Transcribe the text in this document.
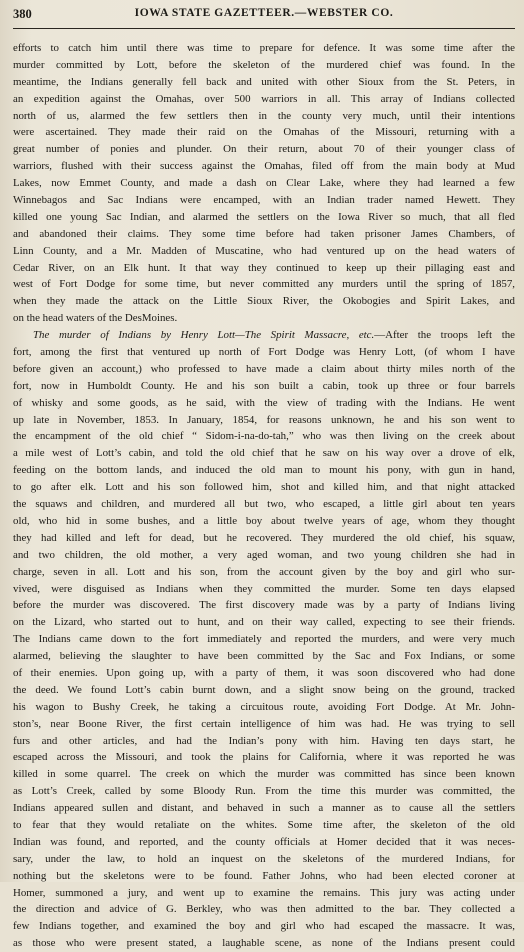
380	IOWA STATE GAZETTEER.—WEBSTER CO.
efforts to catch him until there was time to prepare for defence. It was some time after the
murder committed by Lott, before the skeleton of the murdered chief was found. In the
meantime, the Indians generally fell back and united with other Sioux from the St. Peters, in
an expedition against the Omahas, over 500 warriors in all. This array of Indians collected
north of us, alarmed the few settlers then in the county very much, until their intentions
were ascertained. They made their raid on the Omahas of the Missouri, returning with a
great number of ponies and plunder. On their return, about 70 of their younger class of
warriors, flushed with their success against the Omahas, filed off from the main body at Mud
Lakes, now Emmet County, and made a dash on Clear Lake, where they had learned a few
Winnebagos and Sac Indians were encamped, with an Indian trader named Hewett. They
killed one young Sac Indian, and alarmed the settlers on the Iowa River so much, that all fled
and abandoned their claims. They some time before had taken prisoner James Chambers, of
Linn County, and a Mr. Madden of Muscatine, who had ventured up on the head waters of
Cedar River, on an Elk hunt. It that way they continued to keep up their pillaging east and
west of Fort Dodge for some time, but never committed any murders until the spring of 1857,
when they made the attack on the Little Sioux River, the Okobogies and Spirit Lakes, and
on the head waters of the DesMoines.
The murder of Indians by Henry Lott—The Spirit Massacre, etc.—After the troops left the
fort, among the first that ventured up north of Fort Dodge was Henry Lott, (of whom I have
before given an account,) who professed to have made a claim about thirty miles north of the
fort, now in Humboldt County. He and his son built a cabin, took up three or four barrels
of whisky and some goods, as he said, with the view of trading with the Indians. He went
up late in November, 1853. In January, 1854, for reasons unknown, he and his son went to
the encampment of the old chief “ Sidom-i-na-do-tah,” who was then living on the creek about
a mile west of Lott’s cabin, and told the old chief that he saw on his way over a drove of elk,
feeding on the bottom lands, and induced the old man to mount his pony, with gun in hand,
to go after elk. Lott and his son followed him, shot and killed him, and that night attacked
the squaws and children, and murdered all but two, who escaped, a little girl about ten years
old, who hid in some bushes, and a little boy about twelve years of age, whom they thought
they had killed and left for dead, but he recovered. They murdered the old chief, his squaw,
and two children, the old mother, a very aged woman, and two young children she had in
charge, seven in all. Lott and his son, from the account given by the boy and girl who sur-
vived, were disguised as Indians when they committed the murder. Some ten days elapsed
before the murder was discovered. The first discovery made was by a party of Indians living
on the Lizard, who started out to hunt, and on their way called, expecting to see their friends.
The Indians came down to the fort immediately and reported the murders, and were very much
alarmed, believing the slaughter to have been committed by the Sac and Fox Indians, or some
of their enemies. Upon going up, with a party of them, it was soon discovered who had done
the deed. We found Lott’s cabin burnt down, and a slight snow being on the ground, tracked
his wagon to Bushy Creek, he taking a circuitous route, avoiding Fort Dodge. At Mr. John-
ston’s, near Boone River, the first certain intelligence of him was had. He was trying to sell
furs and other articles, and had the Indian’s pony with him. Having ten days start, he
escaped across the Missouri, and took the plains for California, where it was reported he was
killed in some quarrel. The creek on which the murder was committed has since been known
as Lott’s Creek, called by some Bloody Run. From the time this murder was committed, the
Indians appeared sullen and distant, and behaved in such a manner as to cause all the settlers
to fear that they would retaliate on the whites. Some time after, the skeleton of the old
Indian was found, and reported, and the county officials at Homer decided that it was neces-
sary, under the law, to hold an inquest on the skeletons of the murdered Indians, for
nothing but the skeletons were to be found. Father Johns, who had been elected coroner at
Homer, summoned a jury, and went up to examine the remains. This jury was acting under
the direction and advice of G. Berkley, who was then admitted to the bar. They collected a
few Indians together, and examined the boy and girl who had escaped the massacre. It was,
as those who were present stated, a laughable scene, as none of the Indians present could
